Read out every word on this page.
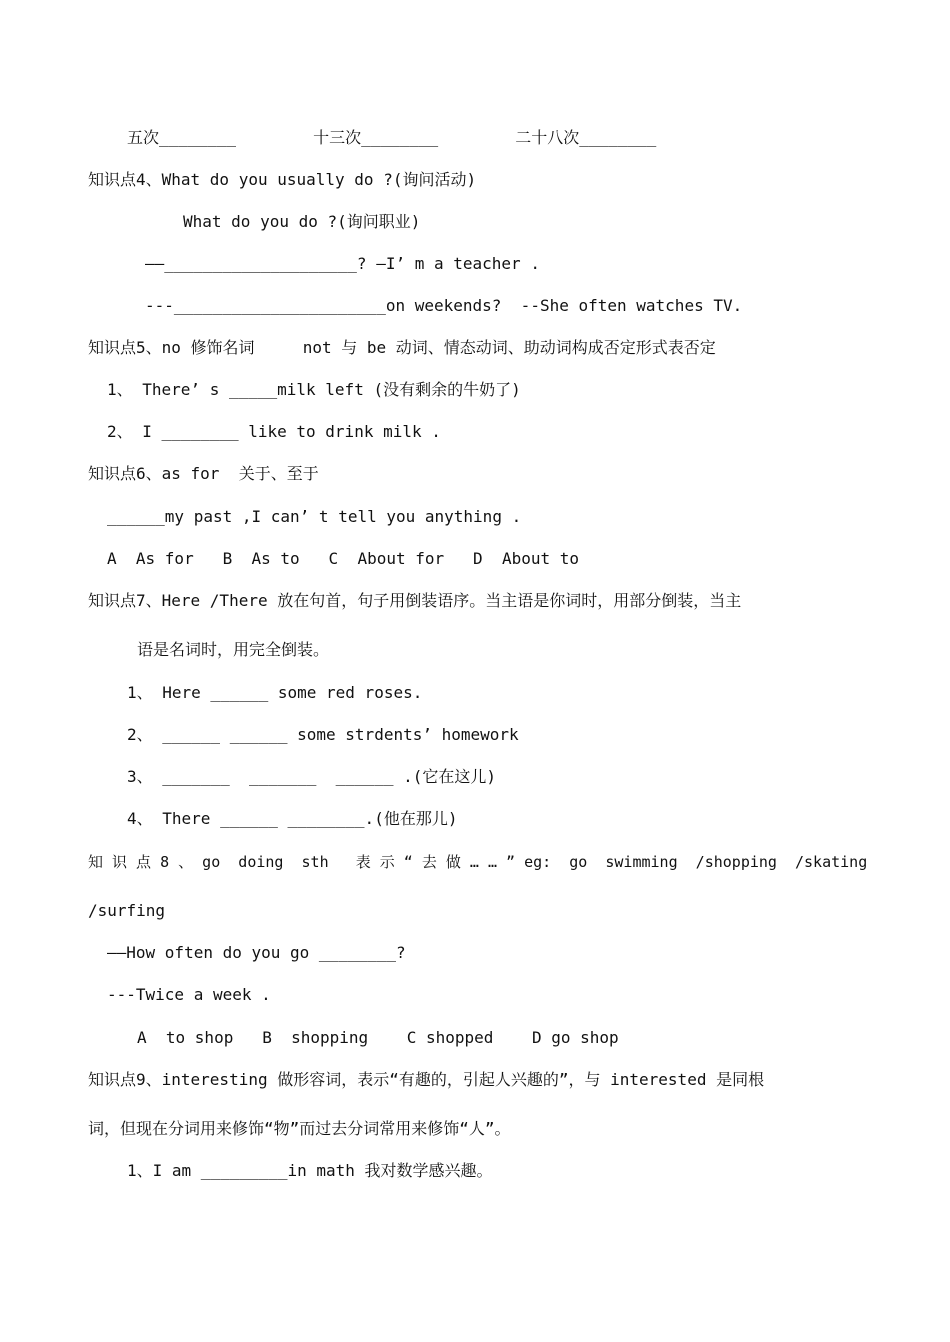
五次________        十三次________        二十八次________
知识点4、What do you usually do ?(询问活动)
What do you do ?(询问职业)
——____________________? —I’ m a teacher .
---______________________on weekends?  --She often watches TV.
知识点5、no 修饰名词     not 与 be 动词、情态动词、助动词构成否定形式表否定
1、 There’ s _____milk left (没有剩余的牛奶了)
2、 I ________ like to drink milk .
知识点6、as for  关于、至于
______my past ,I can’ t tell you anything .
A  As for   B  As to   C  About for   D  About to
知识点7、Here /There 放在句首，句子用倒装语序。当主语是你词时，用部分倒装，当主
语是名词时，用完全倒装。
1、 Here ______ some red roses.
2、 ______ ______ some strdents’ homework
3、 _______  _______  ______ .(它在这儿)
4、 There ______ ________.(他在那儿)
知 识 点 8 、 go  doing  sth   表 示 “ 去 做 … … ” eg:  go  swimming  /shopping  /skating
/surfing
——How often do you go ________?
---Twice a week .
A  to shop   B  shopping    C shopped    D go shop
知识点9、interesting 做形容词，表示“有趣的，引起人兴趣的”，与 interested 是同根
词，但现在分词用来修饰“物”而过去分词常用来修饰“人”。
1、I am _________in math 我对数学感兴趣。
